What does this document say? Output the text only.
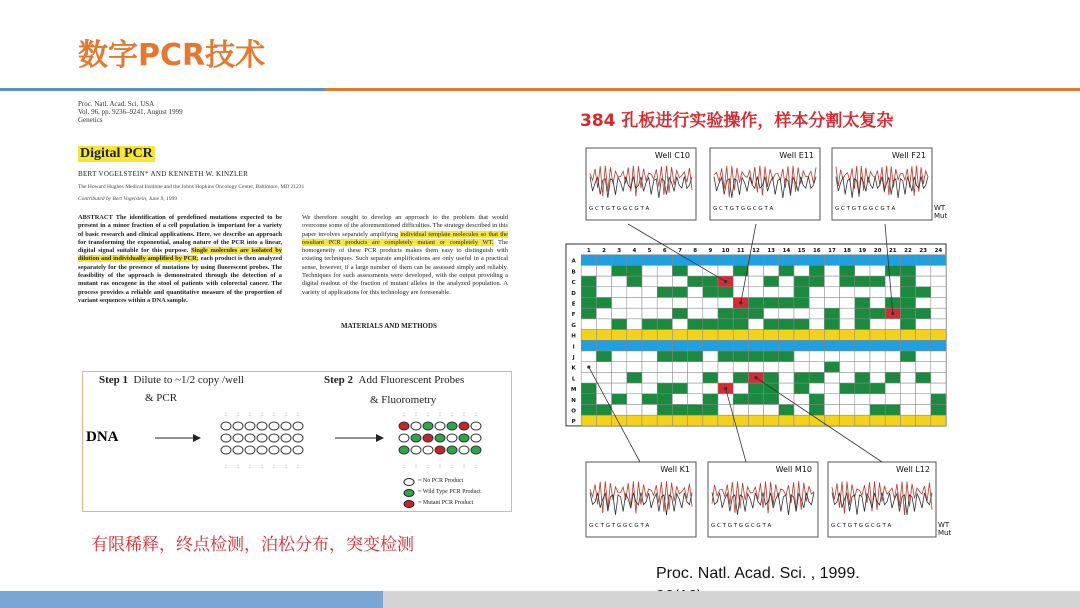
数字PCR技术
Proc. Natl. Acad. Sci. USA
Vol. 96, pp. 9236–9241, August 1999
Genetics
Digital PCR
BERT VOGELSTEIN* AND KENNETH W. KINZLER
The Howard Hughes Medical Institute and the Johns Hopkins Oncology Center, Baltimore, MD 21231
Contributed by Bert Vogelstein, June 9, 1999
ABSTRACT The identification of predefined mutations expected to be present in a minor fraction of a cell population is important for a variety of basic research and clinical applications. Here, we describe an approach for transforming the exponential, analog nature of the PCR into a linear, digital signal suitable for this purpose. Single molecules are isolated by dilution and individually amplified by PCR; each product is then analyzed separately for the presence of mutations by using fluorescent probes. The feasibility of the approach is demonstrated through the detection of a mutant ras oncogene in the stool of patients with colorectal cancer. The process provides a reliable and quantitative measure of the proportion of variant sequences within a DNA sample.
We therefore sought to develop an approach to the problem that would overcome some of the aforementioned difficulties. The strategy described in this paper involves separately amplifying individual template molecules so that the resultant PCR products are completely mutant or completely WT. The homogeneity of these PCR products makes them easy to distinguish with existing techniques. Such separate amplifications are only useful in a practical sense, however, if a large number of them can be assessed simply and reliably. Techniques for such assessments were developed, with the output providing a digital readout of the fraction of mutant alleles in the analyzed population. A variety of applications for this technology are foreseeable.
MATERIALS AND METHODS
Step 1 Dilute to ~1/2 copy /well
& PCR
Step 2 Add Fluorescent Probes
& Fluorometry
DNA
:
:
:
:
:
:
:
:
:
:
:
:
:
:
:
:
:
:
:
:
:
:
:
:
:
:
:
:
= No PCR Product
= Wild Type PCR Product
= Mutant PCR Product
有限稀释，终点检测，泊松分布，突变检测
384 孔板进行实验操作，样本分割太复杂
Well C10
G C T G T G G C G T A
Well E11
G C T G T G G C G T A
Well F21
G C T G T G G C G T A	WT
Mut
1 2 3 4 5 6 7 8 9 10 11 12 13 14 15 16 17 18 19 20 21 22 23 24
A
B
C
D
E
F
G
H
I
J
K
L
M
N
O
P
Well K1
G C T G T G G C G T A
Well M10
G C T G T G G C G T A
Well L12
G C T G T G G C G T A	WT
Mut
Proc. Natl. Acad. Sci. , 1999.
